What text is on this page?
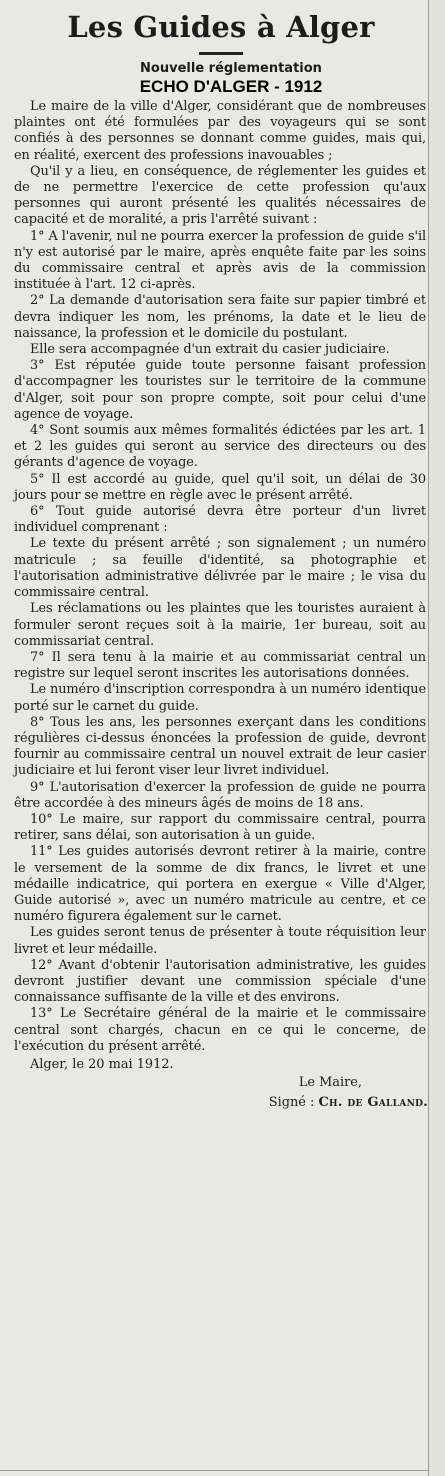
Les Guides à Alger
Nouvelle réglementation
ECHO D'ALGER - 1912

Le maire de la ville d'Alger, considérant que de nombreuses plaintes ont été formulées par des voyageurs qui se sont confiés à des personnes se donnant comme guides, mais qui, en réalité, exercent des professions inavouables ;

Qu'il y a lieu, en conséquence, de réglementer les guides et de ne permettre l'exercice de cette profession qu'aux personnes qui auront présenté les qualités nécessaires de capacité et de moralité, a pris l'arrêté suivant :

1° A l'avenir, nul ne pourra exercer la profession de guide s'il n'y est autorisé par le maire, après enquête faite par les soins du commissaire central et après avis de la commission instituée à l'art. 12 ci-après.

2° La demande d'autorisation sera faite sur papier timbré et devra indiquer les nom, les prénoms, la date et le lieu de naissance, la profession et le domicile du postulant.

Elle sera accompagnée d'un extrait du casier judiciaire.

3° Est réputée guide toute personne faisant profession d'accompagner les touristes sur le territoire de la commune d'Alger, soit pour son propre compte, soit pour celui d'une agence de voyage.

4° Sont soumis aux mêmes formalités édictées par les art. 1 et 2 les guides qui seront au service des directeurs ou des gérants d'agence de voyage.

5° Il est accordé au guide, quel qu'il soit, un délai de 30 jours pour se mettre en règle avec le présent arrêté.

6° Tout guide autorisé devra être porteur d'un livret individuel comprenant :

Le texte du présent arrêté ; son signalement ; un numéro matricule ; sa feuille d'identité, sa photographie et l'autorisation administrative délivrée par le maire ; le visa du commissaire central.

Les réclamations ou les plaintes que les touristes auraient à formuler seront reçues soit à la mairie, 1er bureau, soit au commissariat central.

7° Il sera tenu à la mairie et au commissariat central un registre sur lequel seront inscrites les autorisations données.

Le numéro d'inscription correspondra à un numéro identique porté sur le carnet du guide.

8° Tous les ans, les personnes exerçant dans les conditions régulières ci-dessus énoncées la profession de guide, devront fournir au commissaire central un nouvel extrait de leur casier judiciaire et lui feront viser leur livret individuel.

9° L'autorisation d'exercer la profession de guide ne pourra être accordée à des mineurs âgés de moins de 18 ans.

10° Le maire, sur rapport du commissaire central, pourra retirer, sans délai, son autorisation à un guide.

11° Les guides autorisés devront retirer à la mairie, contre le versement de la somme de dix francs, le livret et une médaille indicatrice, qui portera en exergue « Ville d'Alger, Guide autorisé », avec un numéro matricule au centre, et ce numéro figurera également sur le carnet.

Les guides seront tenus de présenter à toute réquisition leur livret et leur médaille.

12° Avant d'obtenir l'autorisation administrative, les guides devront justifier devant une commission spéciale d'une connaissance suffisante de la ville et des environs.

13° Le Secrétaire général de la mairie et le commissaire central sont chargés, chacun en ce qui le concerne, de l'exécution du présent arrêté.

Alger, le 20 mai 1912.
Le Maire,
Signé : Ch. de Galland.
